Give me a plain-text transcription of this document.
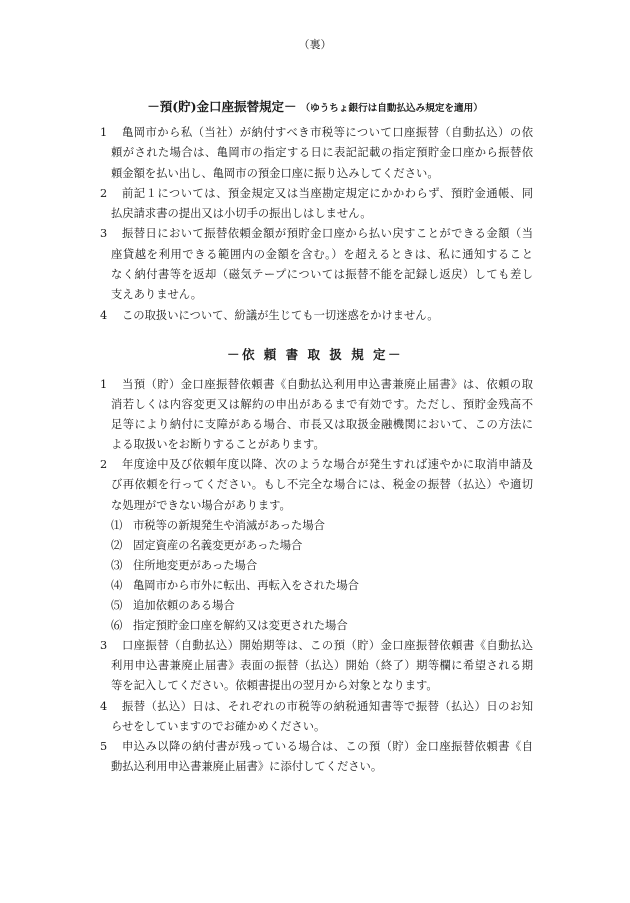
（裏）
－預(貯)金口座振替規定－ （ゆうちょ銀行は自動払込み規定を適用）
1 亀岡市から私（当社）が納付すべき市税等について口座振替（自動払込）の依
頼がされた場合は、亀岡市の指定する日に表記記載の指定預貯金口座から振替依
頼金額を払い出し、亀岡市の預金口座に振り込みしてください。
2 前記１については、預金規定又は当座勘定規定にかかわらず、預貯金通帳、同
払戻請求書の提出又は小切手の振出しはしません。
3 振替日において振替依頼金額が預貯金口座から払い戻すことができる金額（当
座貸越を利用できる範囲内の金額を含む。）を超えるときは、私に通知すること
なく納付書等を返却（磁気テープについては振替不能を記録し返戻）しても差し
支えありません。
4 この取扱いについて、紛議が生じても一切迷惑をかけません。
－依 頼 書 取 扱 規 定－
1 当預（貯）金口座振替依頼書《自動払込利用申込書兼廃止届書》は、依頼の取
消若しくは内容変更又は解約の申出があるまで有効です。ただし、預貯金残高不
足等により納付に支障がある場合、市長又は取扱金融機関において、この方法に
よる取扱いをお断りすることがあります。
2 年度途中及び依頼年度以降、次のような場合が発生すれば速やかに取消申請及
び再依頼を行ってください。もし不完全な場合には、税金の振替（払込）や適切
な処理ができない場合があります。
⑴ 市税等の新規発生や消滅があった場合
⑵ 固定資産の名義変更があった場合
⑶ 住所地変更があった場合
⑷ 亀岡市から市外に転出、再転入をされた場合
⑸ 追加依頼のある場合
⑹ 指定預貯金口座を解約又は変更された場合
3 口座振替（自動払込）開始期等は、この預（貯）金口座振替依頼書《自動払込
利用申込書兼廃止届書》表面の振替（払込）開始（終了）期等欄に希望される期
等を記入してください。依頼書提出の翌月から対象となります。
4 振替（払込）日は、それぞれの市税等の納税通知書等で振替（払込）日のお知
らせをしていますのでお確かめください。
5 申込み以降の納付書が残っている場合は、この預（貯）金口座振替依頼書《自
動払込利用申込書兼廃止届書》に添付してください。
